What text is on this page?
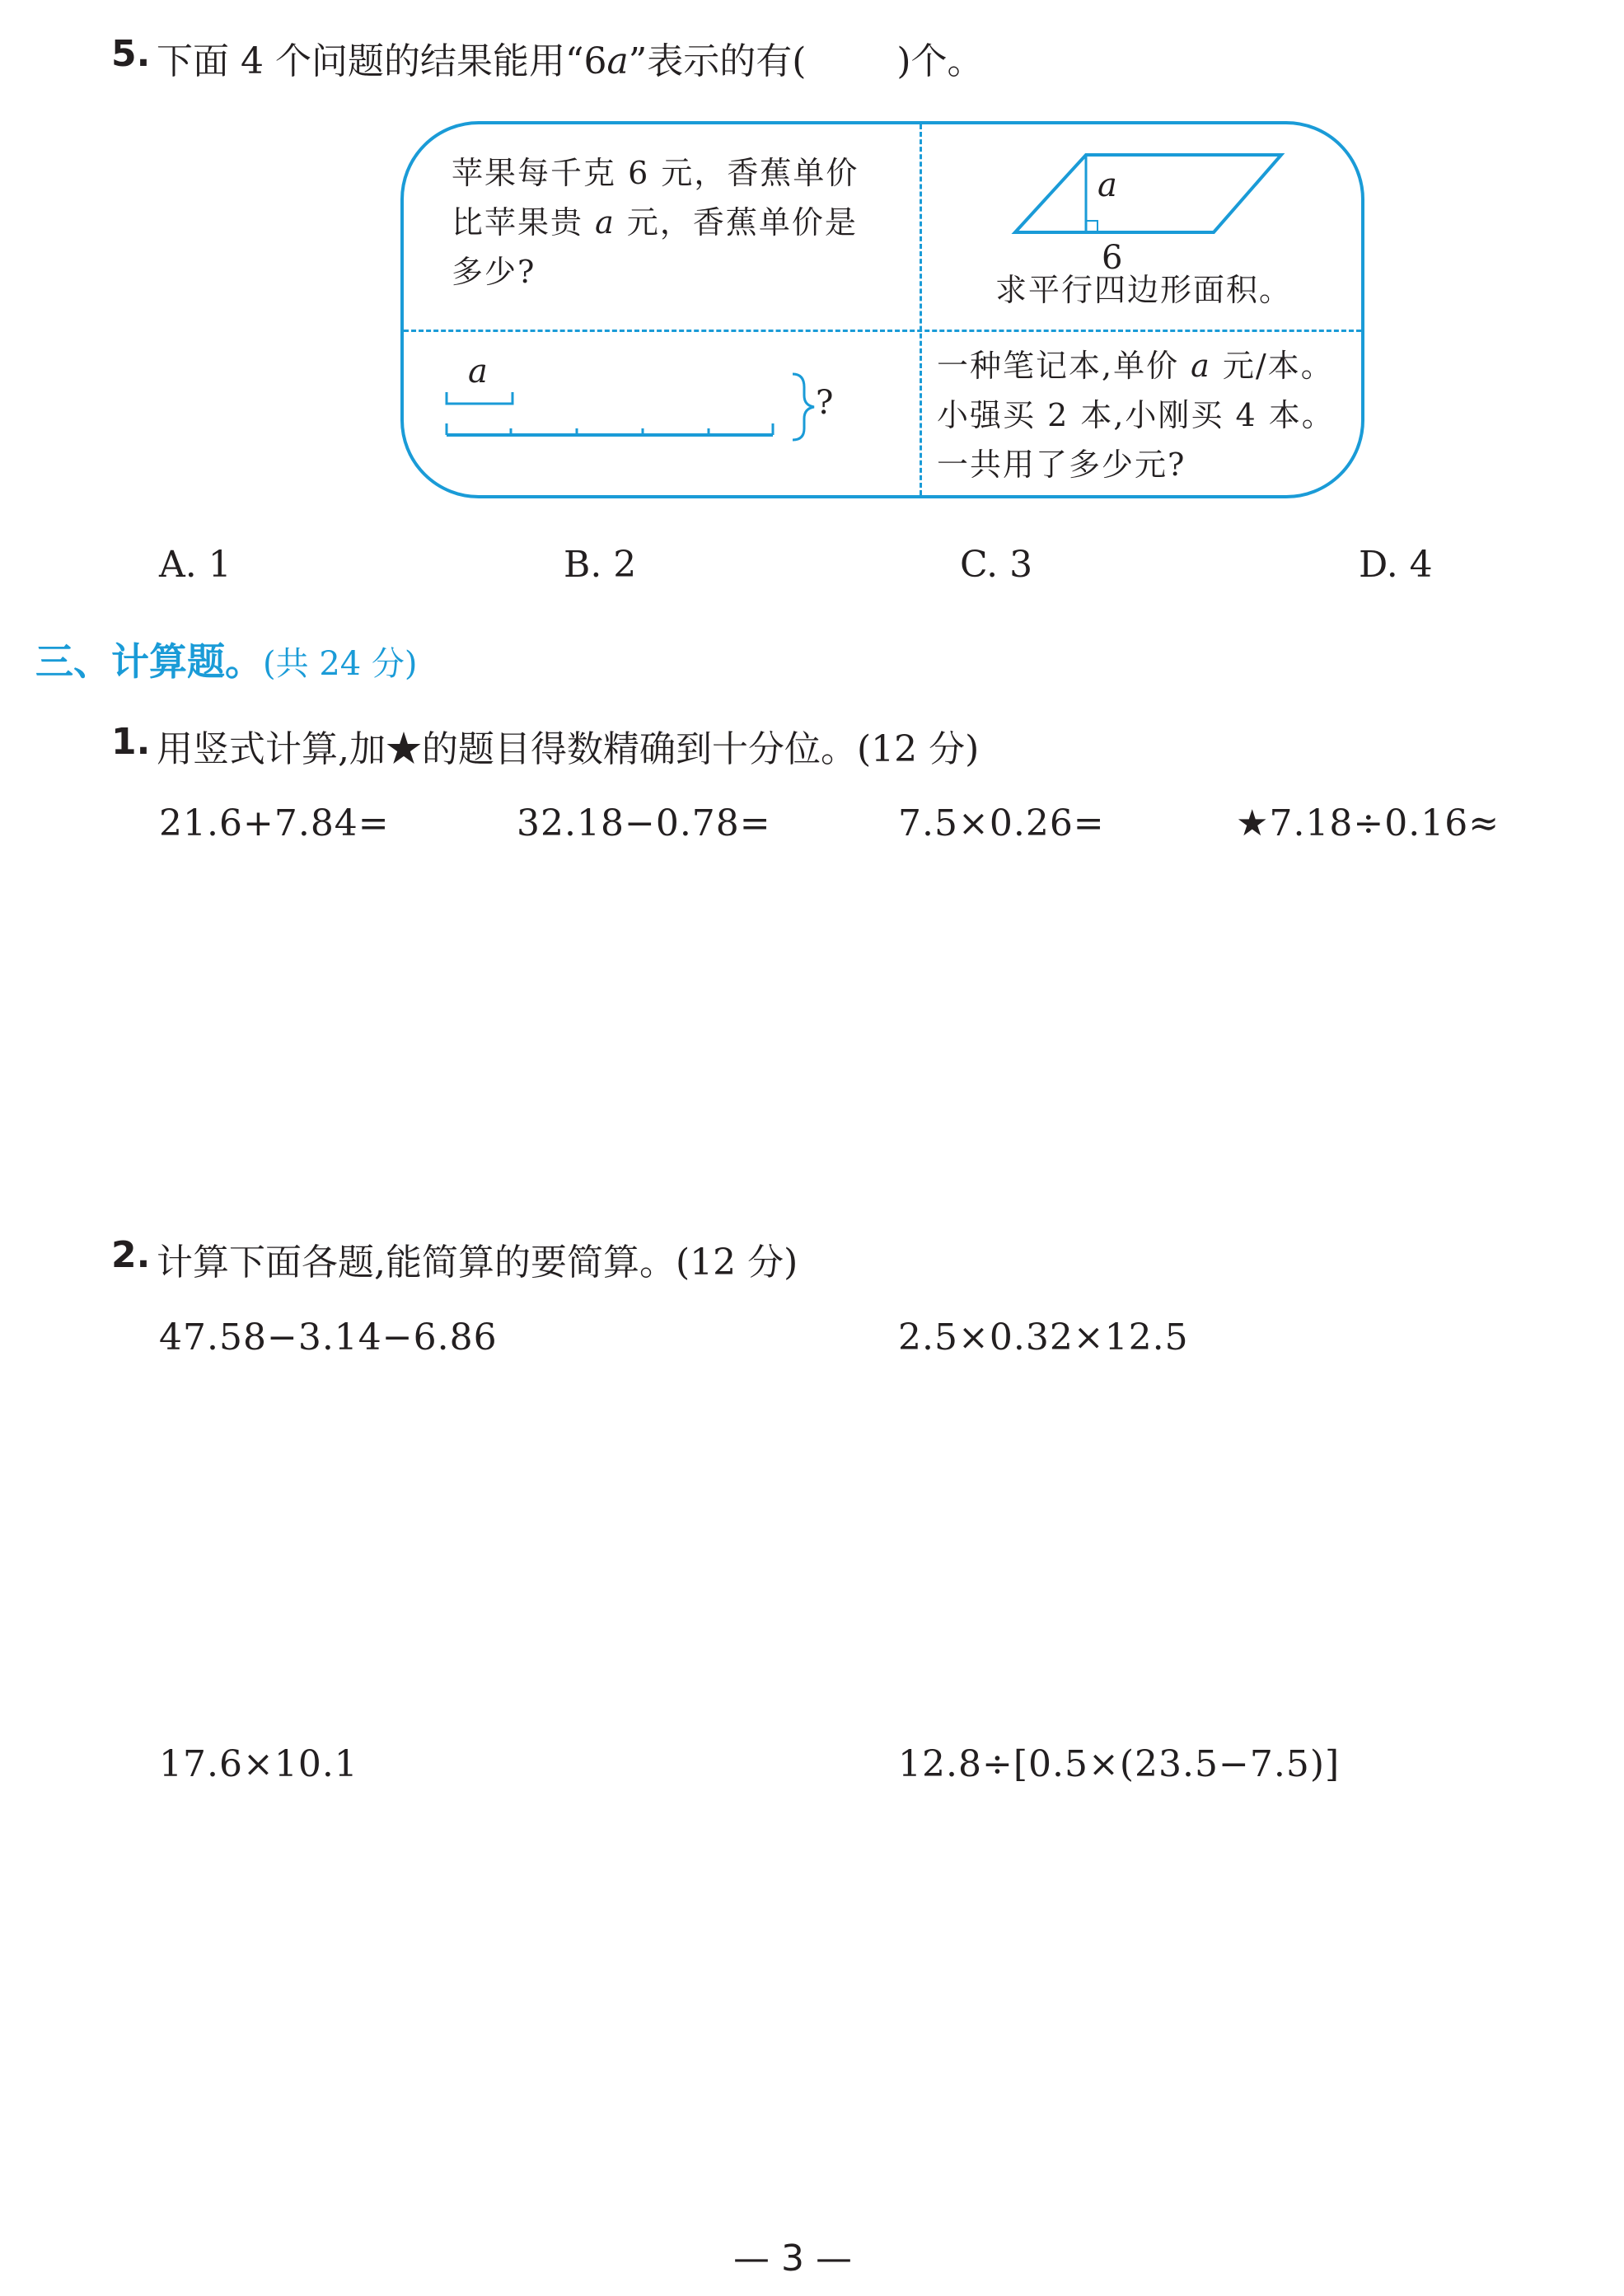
5. 下面 4 个问题的结果能用“6a”表示的有(	)个。
苹果每千克 6 元，香蕉单价
比苹果贵 a 元，香蕉单价是
多少?
a
6
求平行四边形面积。
a
?
一种笔记本,单价 a 元/本。
小强买 2 本,小刚买 4 本。
一共用了多少元?
A. 1	B. 2	C. 3	D. 4
三、计算题。(共 24 分)
1. 用竖式计算,加★的题目得数精确到十分位。(12 分)
21.6+7.84=	32.18−0.78=	7.5×0.26=	★7.18÷0.16≈
2. 计算下面各题,能简算的要简算。(12 分)
47.58−3.14−6.86	2.5×0.32×12.5
17.6×10.1	12.8÷[0.5×(23.5−7.5)]
— 3 —
